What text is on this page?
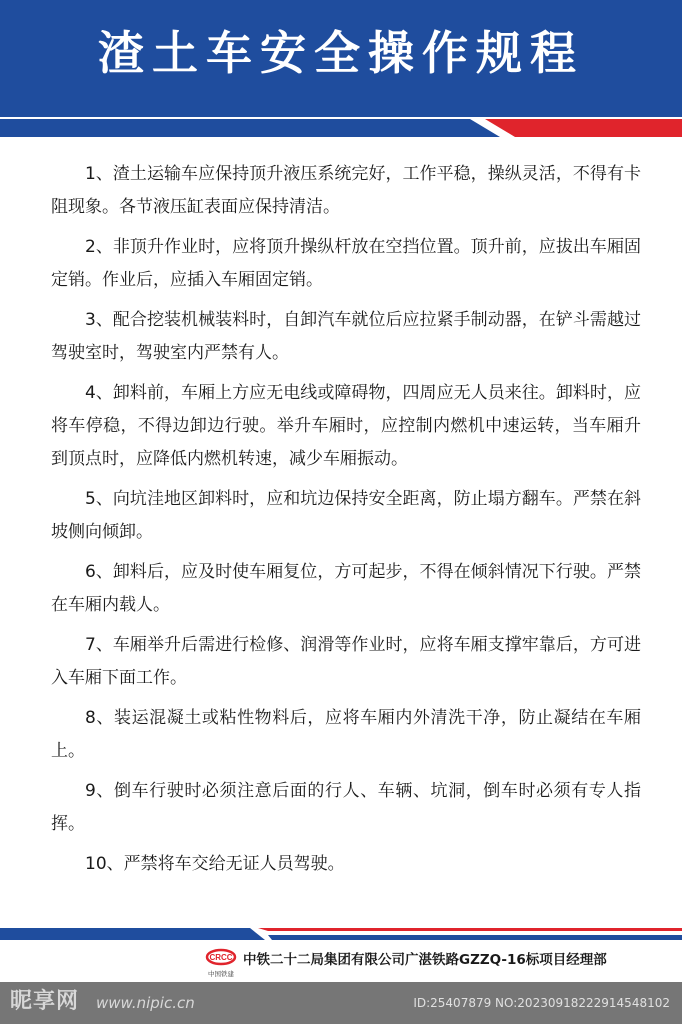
渣土车安全操作规程

1、渣土运输车应保持顶升液压系统完好，工作平稳，操纵灵活，不得有卡阻现象。各节液压缸表面应保持清洁。

2、非顶升作业时，应将顶升操纵杆放在空挡位置。顶升前，应拔出车厢固定销。作业后，应插入车厢固定销。

3、配合挖装机械装料时，自卸汽车就位后应拉紧手制动器，在铲斗需越过驾驶室时，驾驶室内严禁有人。

4、卸料前，车厢上方应无电线或障碍物，四周应无人员来往。卸料时，应将车停稳，不得边卸边行驶。举升车厢时，应控制内燃机中速运转，当车厢升到顶点时，应降低内燃机转速，减少车厢振动。

5、向坑洼地区卸料时，应和坑边保持安全距离，防止塌方翻车。严禁在斜坡侧向倾卸。

6、卸料后，应及时使车厢复位，方可起步，不得在倾斜情况下行驶。严禁在车厢内载人。

7、车厢举升后需进行检修、润滑等作业时，应将车厢支撑牢靠后，方可进入车厢下面工作。

8、装运混凝土或粘性物料后，应将车厢内外清洗干净，防止凝结在车厢上。

9、倒车行驶时必须注意后面的行人、车辆、坑洞，倒车时必须有专人指挥。

10、严禁将车交给无证人员驾驶。

CRCC
中国铁建
中铁二十二局集团有限公司广湛铁路GZZQ-16标项目经理部
昵享网 www.nipic.cn	ID:25407879 NO:20230918222914548102
